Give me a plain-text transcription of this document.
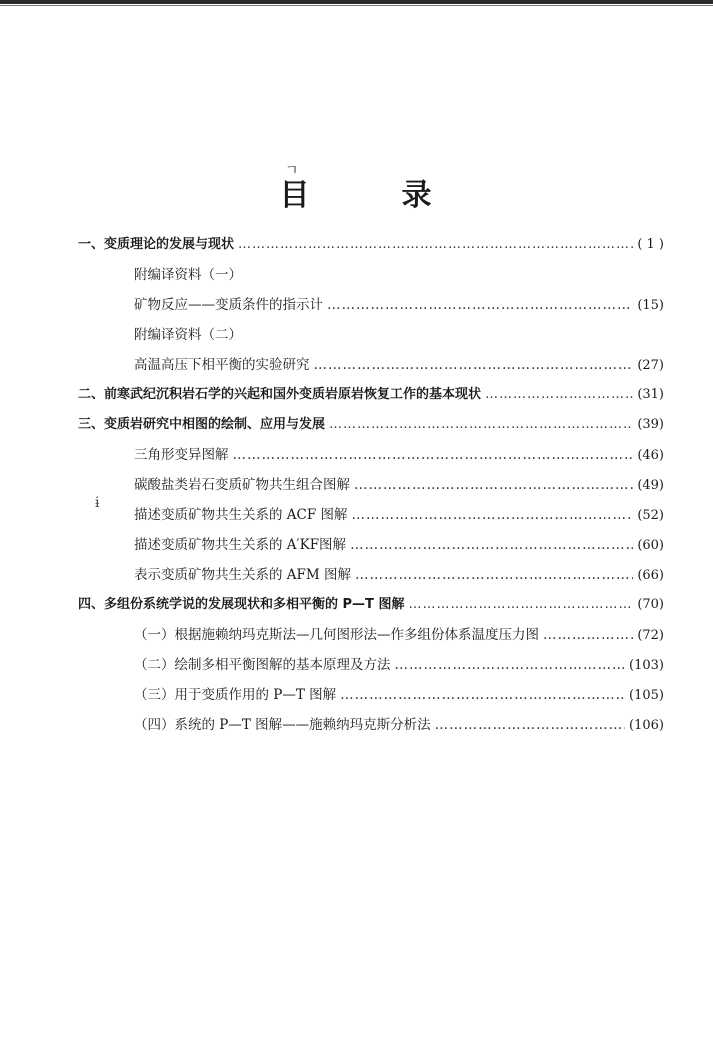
ㄱ
目	录
ɨ
一、变质理论的发展与现状 ……………………………………………………………………………………………………………………………………………………………………………………	( 1 )
附编译资料（一）
矿物反应——变质条件的指示计 ……………………………………………………………………………………………………………………………………………………………………………………	(15)
附编译资料（二）
高温高压下相平衡的实验研究 ……………………………………………………………………………………………………………………………………………………………………………………	(27)
二、前寒武纪沉积岩石学的兴起和国外变质岩原岩恢复工作的基本现状 ……………………………………………………………………………………………………………………………………………………………………………………	(31)
三、变质岩研究中相图的绘制、应用与发展 ……………………………………………………………………………………………………………………………………………………………………………………	(39)
三角形变异图解 ……………………………………………………………………………………………………………………………………………………………………………………	(46)
碳酸盐类岩石变质矿物共生组合图解 ……………………………………………………………………………………………………………………………………………………………………………………	(49)
描述变质矿物共生关系的 ACF 图解 ……………………………………………………………………………………………………………………………………………………………………………………	(52)
描述变质矿物共生关系的 A′KF图解 ……………………………………………………………………………………………………………………………………………………………………………………	(60)
表示变质矿物共生关系的 AFM 图解 ……………………………………………………………………………………………………………………………………………………………………………………	(66)
四、多组份系统学说的发展现状和多相平衡的 P—T 图解 ……………………………………………………………………………………………………………………………………………………………………………………	(70)
（一）根据施赖纳玛克斯法—几何图形法—作多组份体系温度压力图 ……………………………………………………………………………………………………………………………………………………………………………………	(72)
（二）绘制多相平衡图解的基本原理及方法 ……………………………………………………………………………………………………………………………………………………………………………………	(103)
（三）用于变质作用的 P—T 图解 ……………………………………………………………………………………………………………………………………………………………………………………	(105)
（四）系统的 P—T 图解——施赖纳玛克斯分析法 ……………………………………………………………………………………………………………………………………………………………………………………	(106)
